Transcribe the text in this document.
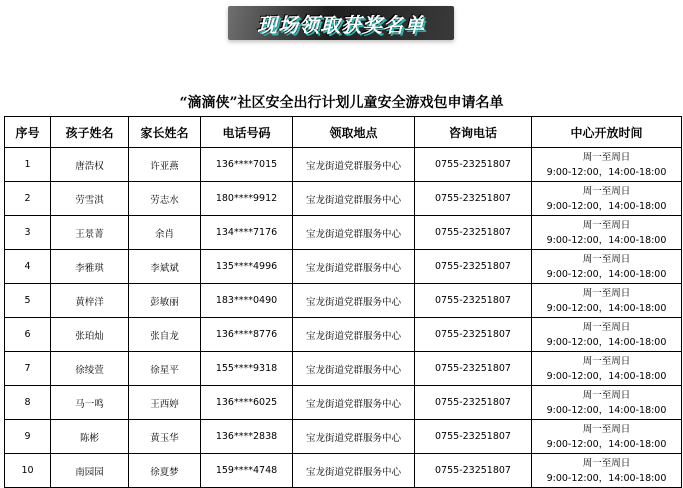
现场领取获奖名单
“滴滴侠”社区安全出行计划儿童安全游戏包申请名单
序号	孩子姓名	家长姓名	电话号码	领取地点	咨询电话	中心开放时间
1	唐浩权	许亚燕	136****7015	宝龙街道党群服务中心	0755-23251807	周一至周日
9:00-12:00，14:00-18:00

2	劳雪淇	劳志水	180****9912	宝龙街道党群服务中心	0755-23251807	周一至周日
9:00-12:00，14:00-18:00

3	王景菁	余肖	134****7176	宝龙街道党群服务中心	0755-23251807	周一至周日
9:00-12:00，14:00-18:00

4	李雅琪	李斌斌	135****4996	宝龙街道党群服务中心	0755-23251807	周一至周日
9:00-12:00，14:00-18:00

5	黄梓洋	彭敏丽	183****0490	宝龙街道党群服务中心	0755-23251807	周一至周日
9:00-12:00，14:00-18:00

6	张珀灿	张自龙	136****8776	宝龙街道党群服务中心	0755-23251807	周一至周日
9:00-12:00，14:00-18:00

7	徐绫萱	徐星平	155****9318	宝龙街道党群服务中心	0755-23251807	周一至周日
9:00-12:00，14:00-18:00

8	马一鸣	王西婷	136****6025	宝龙街道党群服务中心	0755-23251807	周一至周日
9:00-12:00，14:00-18:00

9	陈彬	黄玉华	136****2838	宝龙街道党群服务中心	0755-23251807	周一至周日
9:00-12:00，14:00-18:00

10	南园园	徐夏梦	159****4748	宝龙街道党群服务中心	0755-23251807	周一至周日
9:00-12:00，14:00-18:00
